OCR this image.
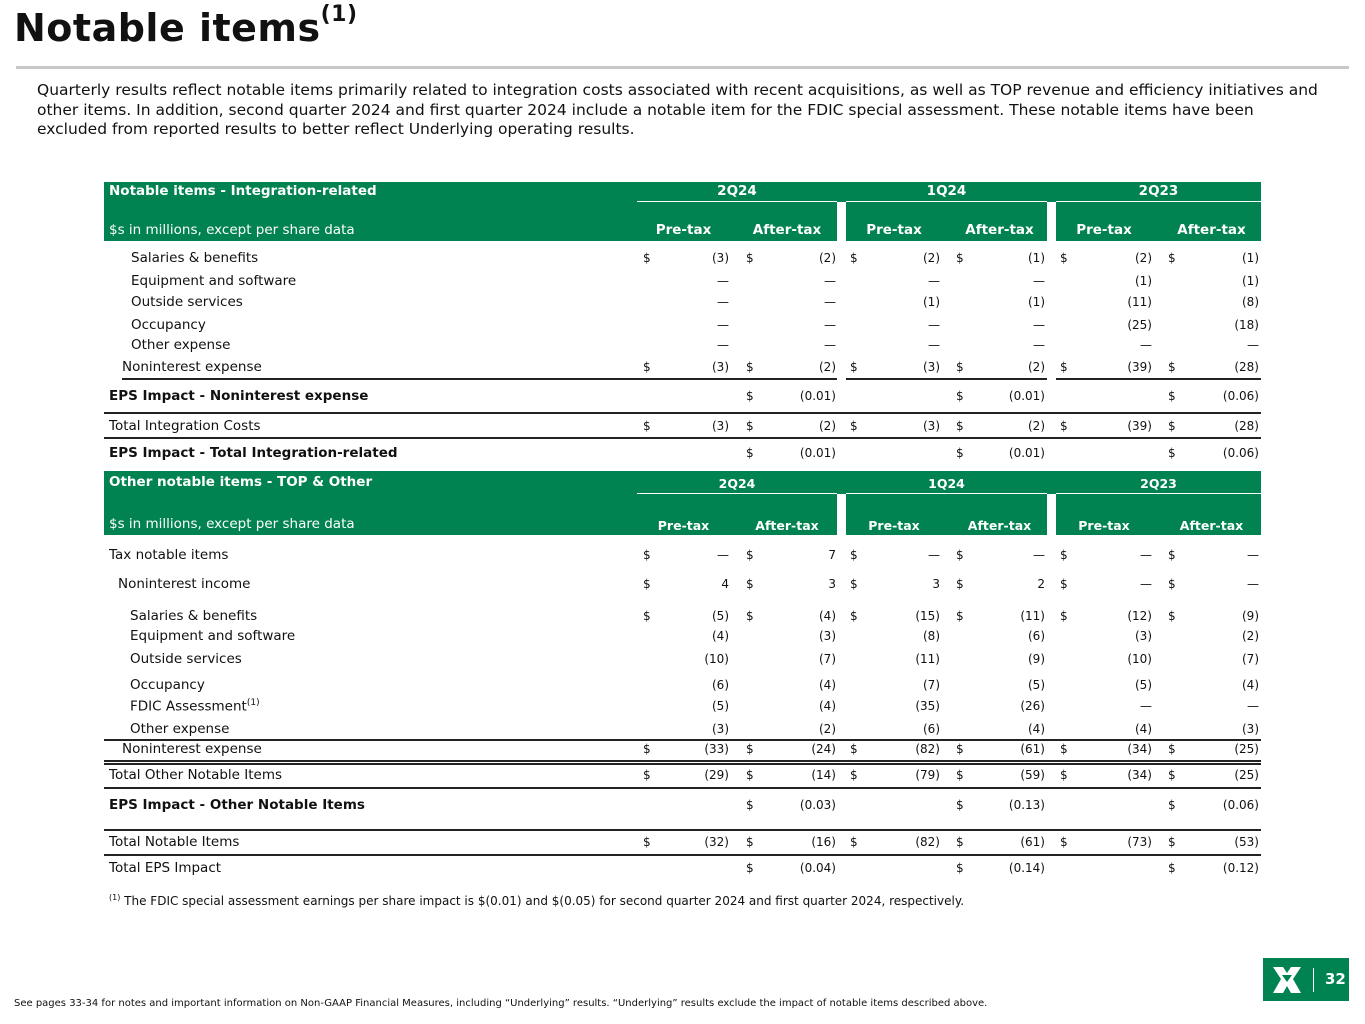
Notable items$^{(1)}$
Quarterly results reflect notable items primarily related to integration costs associated with recent acquisitions, as well as TOP revenue and efficiency initiatives and other items. In addition, second quarter 2024 and first quarter 2024 include a notable item for the FDIC special assessment. These notable items have been excluded from reported results to better reflect Underlying operating results.
Notable items - Integration-related
$s in millions, except per share data
2Q24	1Q24	2Q23
Pre-tax	After-tax	Pre-tax	After-tax	Pre-tax	After-tax
Salaries & benefits	$	(3) $	(2) $	(2) $	(1) $	(2) $	(1)
Equipment and software	—	—	—	—	(1)	(1)
Outside services	—	—	(1)	(1)	(11)	(8)
Occupancy	—	—	—	—	(25)	(18)
Other expense	—	—	—	—	—	—
Noninterest expense	$	(3) $	(2) $	(3) $	(2) $	(39) $	(28)
EPS Impact - Noninterest expense	$	(0.01)	$	(0.01)	$	(0.06)
Total Integration Costs	$	(3) $	(2) $	(3) $	(2) $	(39) $	(28)
EPS Impact - Total Integration-related	$	(0.01)	$	(0.01)	$	(0.06)
Other notable items - TOP & Other
$s in millions, except per share data
2Q24	1Q24	2Q23
Pre-tax	After-tax	Pre-tax	After-tax	Pre-tax	After-tax
Tax notable items	$	— $	7 $	— $	— $	— $	—
Noninterest income	$	4 $	3 $	3 $	2 $	— $	—
Salaries & benefits	$	(5) $	(4) $	(15) $	(11) $	(12) $	(9)
Equipment and software	(4)	(3)	(8)	(6)	(3)	(2)
Outside services	(10)	(7)	(11)	(9)	(10)	(7)
Occupancy	(6)	(4)	(7)	(5)	(5)	(4)
FDIC Assessment$^{(1)}$	(5)	(4)	(35)	(26)	—	—
Other expense	(3)	(2)	(6)	(4)	(4)	(3)
Noninterest expense	$	(33) $	(24) $	(82) $	(61) $	(34) $	(25)
Total Other Notable Items	$	(29) $	(14) $	(79) $	(59) $	(34) $	(25)
EPS Impact - Other Notable Items	$	(0.03)	$	(0.13)	$	(0.06)
Total Notable Items	$	(32) $	(16) $	(82) $	(61) $	(73) $	(53)
Total EPS Impact	$	(0.04)	$	(0.14)	$	(0.12)
$^{(1)}$ The FDIC special assessment earnings per share impact is $(0.01) and $(0.05) for second quarter 2024 and first quarter 2024, respectively.
See pages 33-34 for notes and important information on Non-GAAP Financial Measures, including “Underlying” results. “Underlying” results exclude the impact of notable items described above.
32
